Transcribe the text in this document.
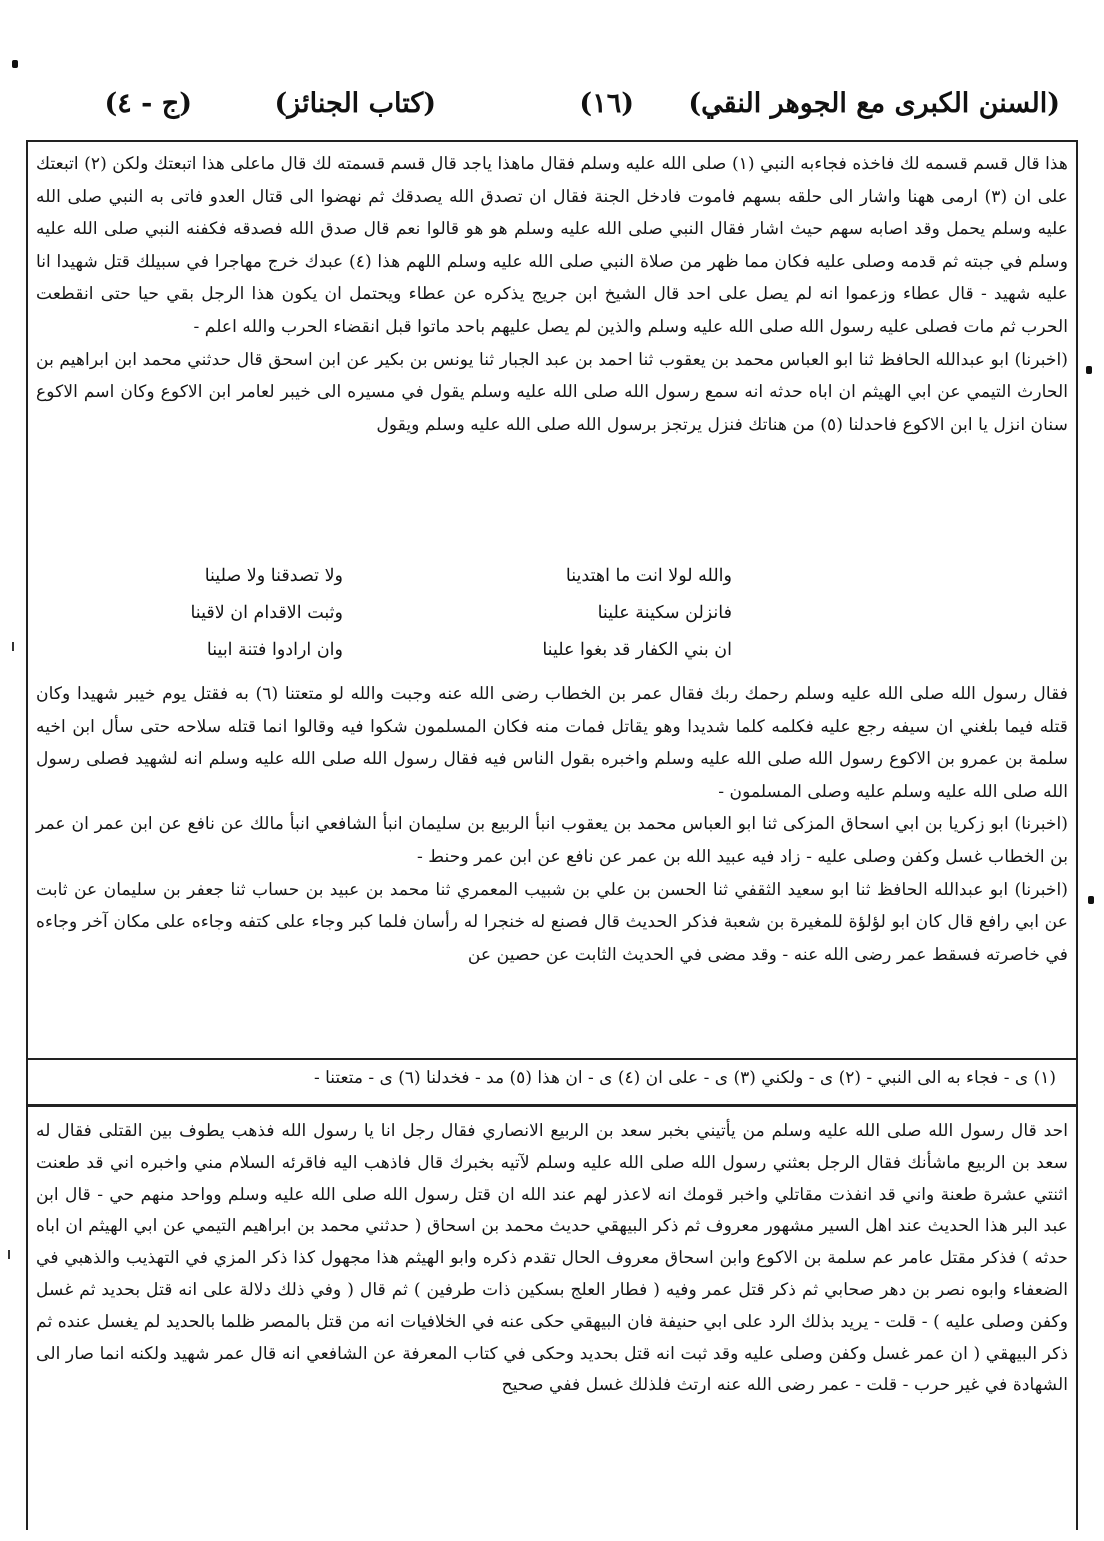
(السنن الكبرى مع الجوهر النقي)
(١٦)
(كتاب الجنائز)
(ج - ٤)

هذا قال قسم قسمه لك فاخذه فجاءبه النبي (١) صلى الله عليه وسلم فقال ماهذا ياجد قال قسم قسمته لك قال ماعلى هذا اتبعتك ولكن (٢) اتبعتك على ان (٣) ارمى ههنا واشار الى حلقه بسهم فاموت فادخل الجنة فقال ان تصدق الله يصدقك ثم نهضوا الى قتال العدو فاتى به النبي صلى الله عليه وسلم يحمل وقد اصابه سهم حيث اشار فقال النبي صلى الله عليه وسلم هو هو قالوا نعم قال صدق الله فصدقه فكفنه النبي صلى الله عليه وسلم في جبته ثم قدمه وصلى عليه فكان مما ظهر من صلاة النبي صلى الله عليه وسلم اللهم هذا (٤) عبدك خرج مهاجرا في سبيلك قتل شهيدا انا عليه شهيد - قال عطاء وزعموا انه لم يصل على احد قال الشيخ ابن جريج يذكره عن عطاء ويحتمل ان يكون هذا الرجل بقي حيا حتى انقطعت الحرب ثم مات فصلى عليه رسول الله صلى الله عليه وسلم والذين لم يصل عليهم باحد ماتوا قبل انقضاء الحرب والله اعلم -

(اخبرنا) ابو عبدالله الحافظ ثنا ابو العباس محمد بن يعقوب ثنا احمد بن عبد الجبار ثنا يونس بن بكير عن ابن اسحق قال حدثني محمد ابن ابراهيم بن الحارث التيمي عن ابي الهيثم ان اباه حدثه انه سمع رسول الله صلى الله عليه وسلم يقول في مسيره الى خيبر لعامر ابن الاكوع وكان اسم الاكوع سنان انزل يا ابن الاكوع فاحدلنا (٥) من هناتك فنزل يرتجز برسول الله صلى الله عليه وسلم ويقول

والله لولا انت ما اهتدينا
ولا تصدقنا ولا صلينا
فانزلن سكينة علينا
وثبت الاقدام ان لاقينا
ان بني الكفار قد بغوا علينا
وان ارادوا فتنة ابينا

فقال رسول الله صلى الله عليه وسلم رحمك ربك فقال عمر بن الخطاب رضى الله عنه وجبت والله لو متعتنا (٦) به فقتل يوم خيبر شهيدا وكان قتله فيما بلغني ان سيفه رجع عليه فكلمه كلما شديدا وهو يقاتل فمات منه فكان المسلمون شكوا فيه وقالوا انما قتله سلاحه حتى سأل ابن اخيه سلمة بن عمرو بن الاكوع رسول الله صلى الله عليه وسلم واخبره بقول الناس فيه فقال رسول الله صلى الله عليه وسلم انه لشهيد فصلى رسول الله صلى الله عليه وسلم عليه وصلى المسلمون -

(اخبرنا) ابو زكريا بن ابي اسحاق المزكى ثنا ابو العباس محمد بن يعقوب انبأ الربيع بن سليمان انبأ الشافعي انبأ مالك عن نافع عن ابن عمر ان عمر بن الخطاب غسل وكفن وصلى عليه - زاد فيه عبيد الله بن عمر عن نافع عن ابن عمر وحنط -

(اخبرنا) ابو عبدالله الحافظ ثنا ابو سعيد الثقفي ثنا الحسن بن علي بن شبيب المعمري ثنا محمد بن عبيد بن حساب ثنا جعفر بن سليمان عن ثابت عن ابي رافع قال كان ابو لؤلؤة للمغيرة بن شعبة فذكر الحديث قال فصنع له خنجرا له رأسان فلما كبر وجاء على كتفه وجاءه على مكان آخر وجاءه في خاصرته فسقط عمر رضى الله عنه - وقد مضى في الحديث الثابت عن حصين عن

(١) ى - فجاء به الى النبي - (٢) ى - ولكني (٣) ى - على ان (٤) ى - ان هذا (٥) مد - فخدلنا (٦) ى - متعتنا -

احد قال رسول الله صلى الله عليه وسلم من يأتيني بخبر سعد بن الربيع الانصاري فقال رجل انا يا رسول الله فذهب يطوف بين القتلى فقال له سعد بن الربيع ماشأنك فقال الرجل بعثني رسول الله صلى الله عليه وسلم لآتيه بخبرك قال فاذهب اليه فاقرئه السلام مني واخبره اني قد طعنت اثنتي عشرة طعنة واني قد انفذت مقاتلي واخبر قومك انه لاعذر لهم عند الله ان قتل رسول الله صلى الله عليه وسلم وواحد منهم حي - قال ابن عبد البر هذا الحديث عند اهل السير مشهور معروف ثم ذكر البيهقي حديث محمد بن اسحاق ( حدثني محمد بن ابراهيم التيمي عن ابي الهيثم ان اباه حدثه ) فذكر مقتل عامر عم سلمة بن الاكوع وابن اسحاق معروف الحال تقدم ذكره وابو الهيثم هذا مجهول كذا ذكر المزي في التهذيب والذهبي في الضعفاء وابوه نصر بن دهر صحابي ثم ذكر قتل عمر وفيه ( فطار العلج بسكين ذات طرفين ) ثم قال ( وفي ذلك دلالة على انه قتل بحديد ثم غسل وكفن وصلى عليه ) - قلت - يريد بذلك الرد على ابي حنيفة فان البيهقي حكى عنه في الخلافيات انه من قتل بالمصر ظلما بالحديد لم يغسل عنده ثم ذكر البيهقي ( ان عمر غسل وكفن وصلى عليه وقد ثبت انه قتل بحديد وحكى في كتاب المعرفة عن الشافعي انه قال عمر شهيد ولكنه انما صار الى الشهادة في غير حرب - قلت - عمر رضى الله عنه ارتث فلذلك غسل ففي صحيح
